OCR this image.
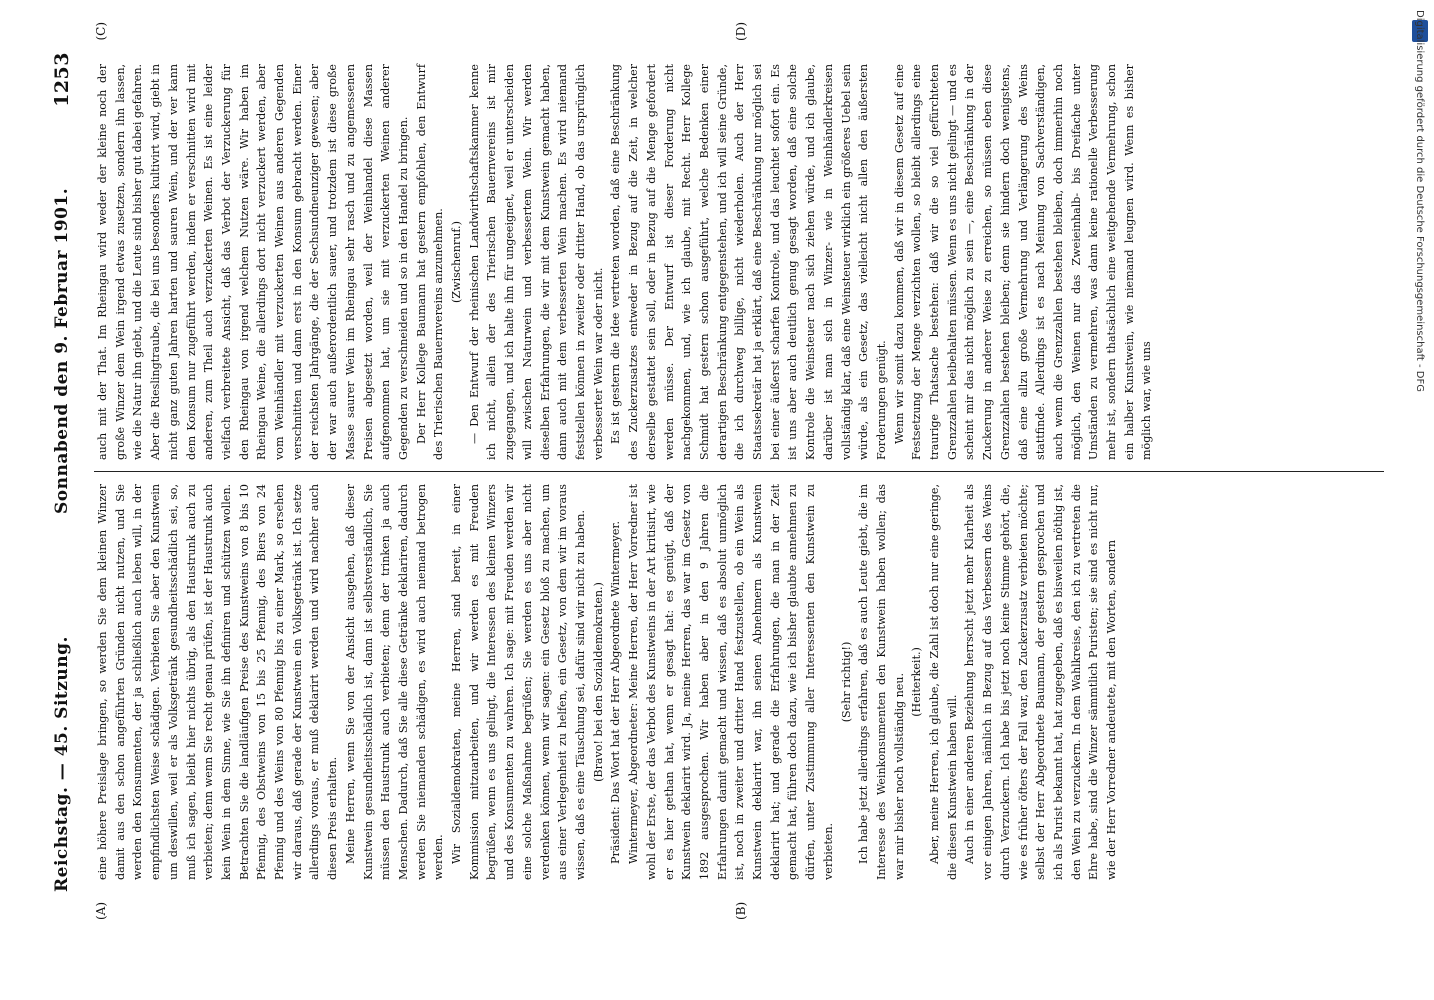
Reichstag. — 45. Sitzung.
Sonnabend den 9. Februar 1901.
1253
(A)	(B)
(C)	(D)

eine höhere Preislage bringen, so werden Sie dem kleinen Winzer damit aus den schon angeführten Gründen nicht nutzen, und Sie werden den Konsumenten, der ja schließlich auch leben will, in der empfindlichsten Weise schädigen. Verbieten Sie aber den Kunstwein um deswillen, weil er als Volksgetränk gesundheitsschädlich sei, so, muß ich sagen, bleibt hier nichts übrig, als den Haustrunk auch zu verbieten; denn wenn Sie recht genau prüfen, ist der Haustrunk auch kein Wein in dem Sinne, wie Sie ihn definiren und schützen wollen. Betrachten Sie die landläufigen Preise des Kunstweins von 8 bis 10 Pfennig, des Obstweins von 15 bis 25 Pfennig, des Biers von 24 Pfennig und des Weins von 80 Pfennig bis zu einer Mark, so ersehen wir daraus, daß gerade der Kunstwein ein Volksgetränk ist. Ich setze allerdings voraus, er muß deklarirt werden und wird nachher auch diesen Preis erhalten. Meine Herren, wenn Sie von der Ansicht ausgehen, daß dieser Kunstwein gesundheitsschädlich ist, dann ist selbstverständlich, Sie müssen den Haustrunk auch verbieten; denn der trinken ja auch Menschen. Dadurch, daß Sie alle diese Getränke deklariren, dadurch werden Sie niemanden schädigen, es wird auch niemand betrogen werden. Wir Sozialdemokraten, meine Herren, sind bereit, in einer Kommission mitzuarbeiten, und wir werden es mit Freuden begrüßen, wenn es uns gelingt, die Interessen des kleinen Winzers und des Konsumenten zu wahren. Ich sage: mit Freuden werden wir eine solche Maßnahme begrüßen; Sie werden es uns aber nicht verdenken können, wenn wir sagen: ein Gesetz bloß zu machen, um aus einer Verlegenheit zu helfen, ein Gesetz, von dem wir im voraus wissen, daß es eine Täuschung sei, dafür sind wir nicht zu haben. (Bravo! bei den Sozialdemokraten.) Präsident: Das Wort hat der Herr Abgeordnete Wintermeyer. Wintermeyer, Abgeordneter: Meine Herren, der Herr Vorredner ist wohl der Erste, der das Verbot des Kunstweins in der Art kritisirt, wie er es hier gethan hat, wenn er gesagt hat: es genügt, daß der Kunstwein deklarirt wird. Ja, meine Herren, das war im Gesetz von 1892 ausgesprochen. Wir haben aber in den 9 Jahren die Erfahrungen damit gemacht und wissen, daß es absolut unmöglich ist, noch in zweiter und dritter Hand festzustellen, ob ein Wein als Kunstwein deklarirt war, ihn seinen Abnehmern als Kunstwein deklarirt hat; und gerade die Erfahrungen, die man in der Zeit gemacht hat, führen doch dazu, wie ich bisher glaubte annehmen zu dürfen, unter Zustimmung aller Interessenten den Kunstwein zu verbieten.

(Sehr richtig!) Ich habe jetzt allerdings erfahren, daß es auch Leute giebt, die im Interesse des Weinkonsumenten den Kunstwein haben wollen; das war mir bisher noch vollständig neu. (Heiterkeit.) Aber, meine Herren, ich glaube, die Zahl ist doch nur eine geringe, die diesen Kunstwein haben will. Auch in einer anderen Beziehung herrscht jetzt mehr Klarheit als vor einigen Jahren, nämlich in Bezug auf das Verbessern des Weins durch Verzuckern. Ich habe bis jetzt noch keine Stimme gehört, die, wie es früher öfters der Fall war, den Zuckerzusatz verbieten möchte; selbst der Herr Abgeordnete Baumann, der gestern gesprochen und ich als Purist bekannt hat, hat zugegeben, daß es bisweilen nöthig ist, den Wein zu verzuckern. In dem Wahlkreise, den ich zu vertreten die Ehre habe, sind die Winzer sämmtlich Puristen; sie sind es nicht nur, wie der Herr Vorredner andeutete, mit den Worten, sondern

auch mit der That. Im Rheingau wird weder der kleine noch der große Winzer dem Wein irgend etwas zusetzen, sondern ihn lassen, wie die Natur ihn giebt, und die Leute sind bisher gut dabei gefahren. Aber die Rieslingtraube, die bei uns besonders kultivirt wird, giebt in nicht ganz guten Jahren harten und sauren Wein, und der ver kann dem Konsum nur zugeführt werden, indem er verschnitten wird mit anderen, zum Theil auch verzuckerten Weinen. Es ist eine leider vielfach verbreitete Ansicht, daß das Verbot der Verzuckerung für den Rheingau von irgend welchem Nutzen wäre. Wir haben im Rheingau Weine, die allerdings dort nicht verzuckert werden, aber vom Weinhändler mit verzuckerten Weinen aus anderen Gegenden verschnitten und dann erst in den Konsum gebracht werden. Einer der reichsten Jahrgänge, die der Sechsundneunziger gewesen; aber der war auch außerordentlich sauer, und trotzdem ist diese große Masse saurer Wein im Rheingau sehr rasch und zu angemessenen Preisen abgesetzt worden, weil der Weinhandel diese Massen aufgenommen hat, um sie mit verzuckerten Weinen anderer Gegenden zu verschneiden und so in den Handel zu bringen. Der Herr Kollege Baumann hat gestern empfohlen, den Entwurf des Trierischen Bauernvereins anzunehmen. (Zwischenruf.) — Den Entwurf der rheinischen Landwirthschaftskammer kenne ich nicht, allein der des Trierischen Bauernvereins ist mir zugegangen, und ich halte ihn für ungeeignet, weil er unterscheiden will zwischen Naturwein und verbessertem Wein. Wir werden dieselben Erfahrungen, die wir mit dem Kunstwein gemacht haben, dann auch mit dem verbesserten Wein machen. Es wird niemand feststellen können in zweiter oder dritter Hand, ob das ursprünglich verbesserter Wein war oder nicht. Es ist gestern die Idee vertreten worden, daß eine Beschränkung des Zuckerzusatzes entweder in Bezug auf die Zeit, in welcher derselbe gestattet sein soll, oder in Bezug auf die Menge gefordert werden müsse. Der Entwurf ist dieser Forderung nicht nachgekommen, und, wie ich glaube, mit Recht. Herr Kollege Schmidt hat gestern schon ausgeführt, welche Bedenken einer derartigen Beschränkung entgegenstehen, und ich will seine Gründe, die ich durchweg billige, nicht wiederholen. Auch der Herr Staatssekretär hat ja erklärt, daß eine Beschränkung nur möglich sei bei einer äußerst scharfen Kontrole, und das leuchtet sofort ein. Es ist uns aber auch deutlich genug gesagt worden, daß eine solche Kontrole die Weinsteuer nach sich ziehen würde, und ich glaube, darüber ist man sich in Winzer- wie in Weinhändlerkreisen vollständig klar, daß eine Weinsteuer wirklich ein größeres Uebel sein würde, als ein Gesetz, das vielleicht nicht allen den äußersten Forderungen genügt. Wenn wir somit dazu kommen, daß wir in diesem Gesetz auf eine Festsetzung der Menge verzichten wollen, so bleibt allerdings eine traurige Thatsache bestehen: daß wir die so viel gefürchteten Grenzzahlen beibehalten müssen. Wenn es uns nicht gelingt — und es scheint mir das nicht möglich zu sein —, eine Beschränkung in der Zuckerung in anderer Weise zu erreichen, so müssen eben diese Grenzzahlen bestehen bleiben; denn sie hindern doch wenigstens, daß eine allzu große Vermehrung und Verlängerung des Weins stattfinde. Allerdings ist es nach Meinung von Sachverständigen, auch wenn die Grenzzahlen bestehen bleiben, doch immerhin noch möglich, den Weinen nur das Zweieinhalb- bis Dreifache unter Umständen zu vermehren, was dann keine rationelle Verbesserung mehr ist, sondern thatsächlich eine weitgehende Vermehrung, schon ein halber Kunstwein, wie niemand leugnen wird. Wenn es bisher möglich war, wie uns

Digitalisierung gefördert durch die Deutsche Forschungsgemeinschaft - DFG
